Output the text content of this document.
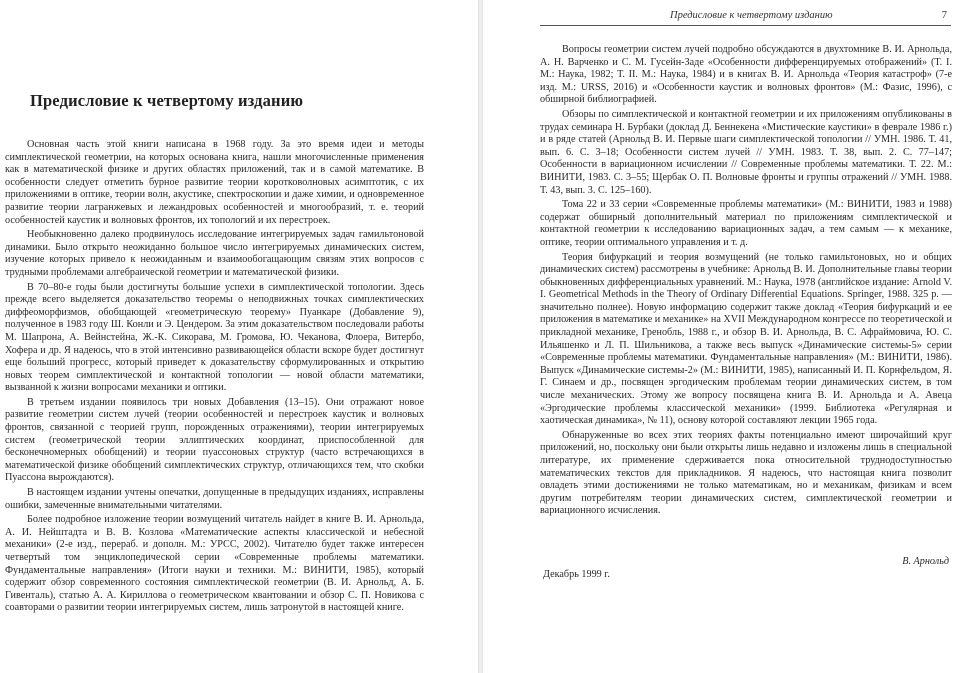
Предисловие к четвертому изданию

Основная часть этой книги написана в 1968 году. За это время идеи и методы симплектической геометрии, на которых основана книга, нашли многочисленные применения как в математической физике и других областях приложений, так и в самой математике. В особенности следует отметить бурное развитие теории коротковолновых асимптотик, с их приложениями в оптике, теории волн, акустике, спектроскопии и даже химии, и одновременное развитие теории лагранжевых и лежандровых особенностей и многообразий, т. е. теорий особенностей каустик и волновых фронтов, их топологий и их перестроек.

Необыкновенно далеко продвинулось исследование интегрируемых задач гамильтоновой динамики. Было открыто неожиданно большое число интегрируемых динамических систем, изучение которых привело к неожиданным и взаимообогащающим связям этих вопросов с трудными проблемами алгебраической геометрии и математической физики.

В 70–80-е годы были достигнуты большие успехи в симплектической топологии. Здесь прежде всего выделяется доказательство теоремы о неподвижных точках симплектических диффеоморфизмов, обобщающей «геометрическую теорему» Пуанкаре (Добавление 9), полученное в 1983 году Ш. Конли и Э. Цендером. За этим доказательством последовали работы М. Шапрона, А. Вейнстейна, Ж.-К. Сикорава, М. Громова, Ю. Чеканова, Флоера, Витербо, Хофера и др. Я надеюсь, что в этой интенсивно развивающейся области вскоре будет достигнут еще больший прогресс, который приведет к доказательству сформулированных и открытию новых теорем симплектической и контактной топологии — новой области математики, вызванной к жизни вопросами механики и оптики.

В третьем издании появилось три новых Добавления (13–15). Они отражают новое развитие геометрии систем лучей (теории особенностей и перестроек каустик и волновых фронтов, связанной с теорией групп, порожденных отражениями), теории интегрируемых систем (геометрической теории эллиптических координат, приспособленной для бесконечномерных обобщений) и теории пуассоновых структур (часто встречающихся в математической физике обобщений симплектических структур, отличающихся тем, что скобки Пуассона вырождаются).

В настоящем издании учтены опечатки, допущенные в предыдущих изданиях, исправлены ошибки, замеченные внимательными читателями.

Более подробное изложение теории возмущений читатель найдет в книге В. И. Арнольда, А. И. Нейштадта и В. В. Козлова «Математические аспекты классической и небесной механики» (2-е изд., перераб. и дополн. М.: УРСС, 2002). Читателю будет также интересен четвертый том энциклопедической серии «Современные проблемы математики. Фундаментальные направления» (Итоги науки и техники. М.: ВИНИТИ, 1985), который содержит обзор современного состояния симплектической геометрии (В. И. Арнольд, А. Б. Гивенталь), статью А. А. Кириллова о геометрическом квантовании и обзор С. П. Новикова с соавторами о развитии теории интегрируемых систем, лишь затронутой в настоящей книге.

Предисловие к четвертому изданию	7

Вопросы геометрии систем лучей подробно обсуждаются в двухтомнике В. И. Арнольда, А. Н. Варченко и С. М. Гусейн-Заде «Особенности дифференцируемых отображений» (Т. I. М.: Наука, 1982; Т. II. М.: Наука, 1984) и в книгах В. И. Арнольда «Теория катастроф» (7-е изд. М.: URSS, 2016) и «Особенности каустик и волновых фронтов» (М.: Фазис, 1996), с обширной библиографией.

Обзоры по симплектической и контактной геометрии и их приложениям опубликованы в трудах семинара Н. Бурбаки (доклад Д. Беннекена «Мистические каустики» в феврале 1986 г.) и в ряде статей (Арнольд В. И. Первые шаги симплектической топологии // УМН. 1986. Т. 41, вып. 6. С. 3–18; Особенности систем лучей // УМН. 1983. Т. 38, вып. 2. С. 77–147; Особенности в вариационном исчислении // Современные проблемы математики. Т. 22. М.: ВИНИТИ, 1983. С. 3–55; Щербак О. П. Волновые фронты и группы отражений // УМН. 1988. Т. 43, вып. 3. С. 125–160).

Тома 22 и 33 серии «Современные проблемы математики» (М.: ВИНИТИ, 1983 и 1988) содержат обширный дополнительный материал по приложениям симплектической и контактной геометрии к исследованию вариационных задач, а тем самым — к механике, оптике, теории оптимального управления и т. д.

Теория бифуркаций и теория возмущений (не только гамильтоновых, но и общих динамических систем) рассмотрены в учебнике: Арнольд В. И. Дополнительные главы теории обыкновенных дифференциальных уравнений. М.: Наука, 1978 (английское издание: Arnold V. I. Geometrical Methods in the Theory of Ordinary Differential Equations. Springer, 1988. 325 p. — значительно полнее). Новую информацию содержит также доклад «Теория бифуркаций и ее приложения в математике и механике» на XVII Международном конгрессе по теоретической и прикладной механике, Гренобль, 1988 г., и обзор В. И. Арнольда, В. С. Афраймовича, Ю. С. Ильяшенко и Л. П. Шильникова, а также весь выпуск «Динамические системы-5» серии «Современные проблемы математики. Фундаментальные направления» (М.: ВИНИТИ, 1986). Выпуск «Динамические системы-2» (М.: ВИНИТИ, 1985), написанный И. П. Корнфельдом, Я. Г. Синаем и др., посвящен эргодическим проблемам теории динамических систем, в том числе механических. Этому же вопросу посвящена книга В. И. Арнольда и А. Авеца «Эргодические проблемы классической механики» (1999. Библиотека «Регулярная и хаотическая динамика», № 11), основу которой составляют лекции 1965 года.

Обнаруженные во всех этих теориях факты потенциально имеют широчайший круг приложений, но, поскольку они были открыты лишь недавно и изложены лишь в специальной литературе, их применение сдерживается пока относительной труднодоступностью математических текстов для прикладников. Я надеюсь, что настоящая книга позволит овладеть этими достижениями не только математикам, но и механикам, физикам и всем другим потребителям теории динамических систем, симплектической геометрии и вариационного исчисления.

В. Арнольд
Декабрь 1999 г.
